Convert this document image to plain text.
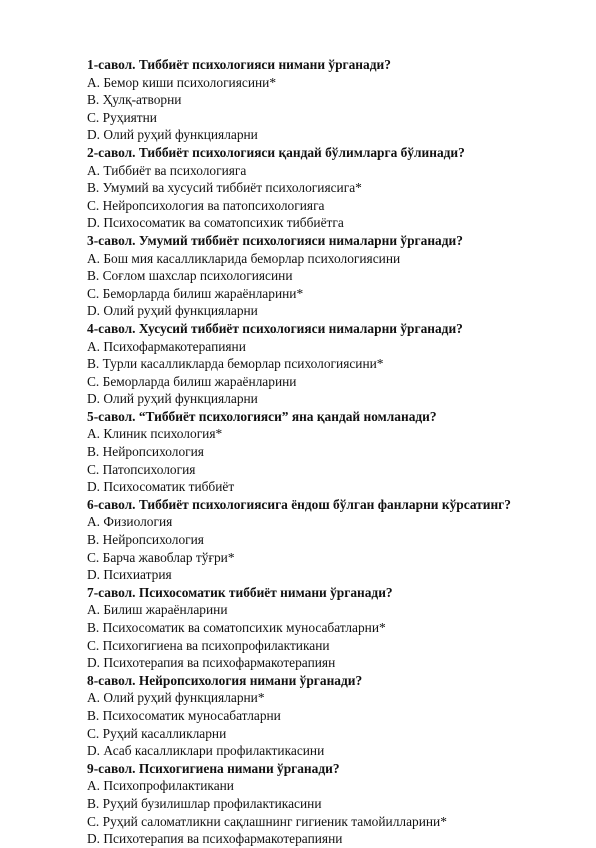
1-савол. Тиббиёт психологияси нимани ўрганади?
A. Бемор киши психологиясини*
B. Ҳулқ-атворни
C. Руҳиятни
D. Олий руҳий функцияларни
2-савол. Тиббиёт психологияси қандай бўлимларга бўлинади?
A. Тиббиёт ва психологияга
B. Умумий ва хусусий тиббиёт психологиясига*
C. Нейропсихология ва патопсихологияга
D. Психосоматик ва соматопсихик тиббиётга
3-савол. Умумий тиббиёт психологияси нималарни ўрганади?
A. Бош мия касалликларида беморлар психологиясини
B. Соғлом шахслар психологиясини
C. Беморларда билиш жараёнларини*
D. Олий руҳий функцияларни
4-савол. Хусусий тиббиёт психологияси нималарни ўрганади?
A. Психофармакотерапияни
B. Турли касалликларда беморлар психологиясини*
C. Беморларда билиш жараёнларини
D. Олий руҳий функцияларни
5-савол. “Тиббиёт психологияси” яна қандай номланади?
A. Клиник психология*
B. Нейропсихология
C. Патопсихология
D. Психосоматик тиббиёт
6-савол. Тиббиёт психологиясига ёндош бўлган фанларни кўрсатинг?
A. Физиология
B. Нейропсихология
C. Барча жавоблар тўғри*
D. Психиатрия
7-савол. Психосоматик тиббиёт нимани ўрганади?
A. Билиш жараёнларини
B. Психосоматик ва соматопсихик муносабатларни*
C. Психогигиена ва психопрофилактикани
D. Психотерапия ва психофармакотерапиян
8-савол. Нейропсихология нимани ўрганади?
A. Олий руҳий функцияларни*
B. Психосоматик муносабатларни
C. Руҳий касалликларни
D. Асаб касалликлари профилактикасини
9-савол. Психогигиена нимани ўрганади?
A. Психопрофилактикани
B. Руҳий бузилишлар профилактикасини
C. Руҳий саломатликни сақлашнинг гигиеник тамойилларини*
D. Психотерапия ва психофармакотерапияни
